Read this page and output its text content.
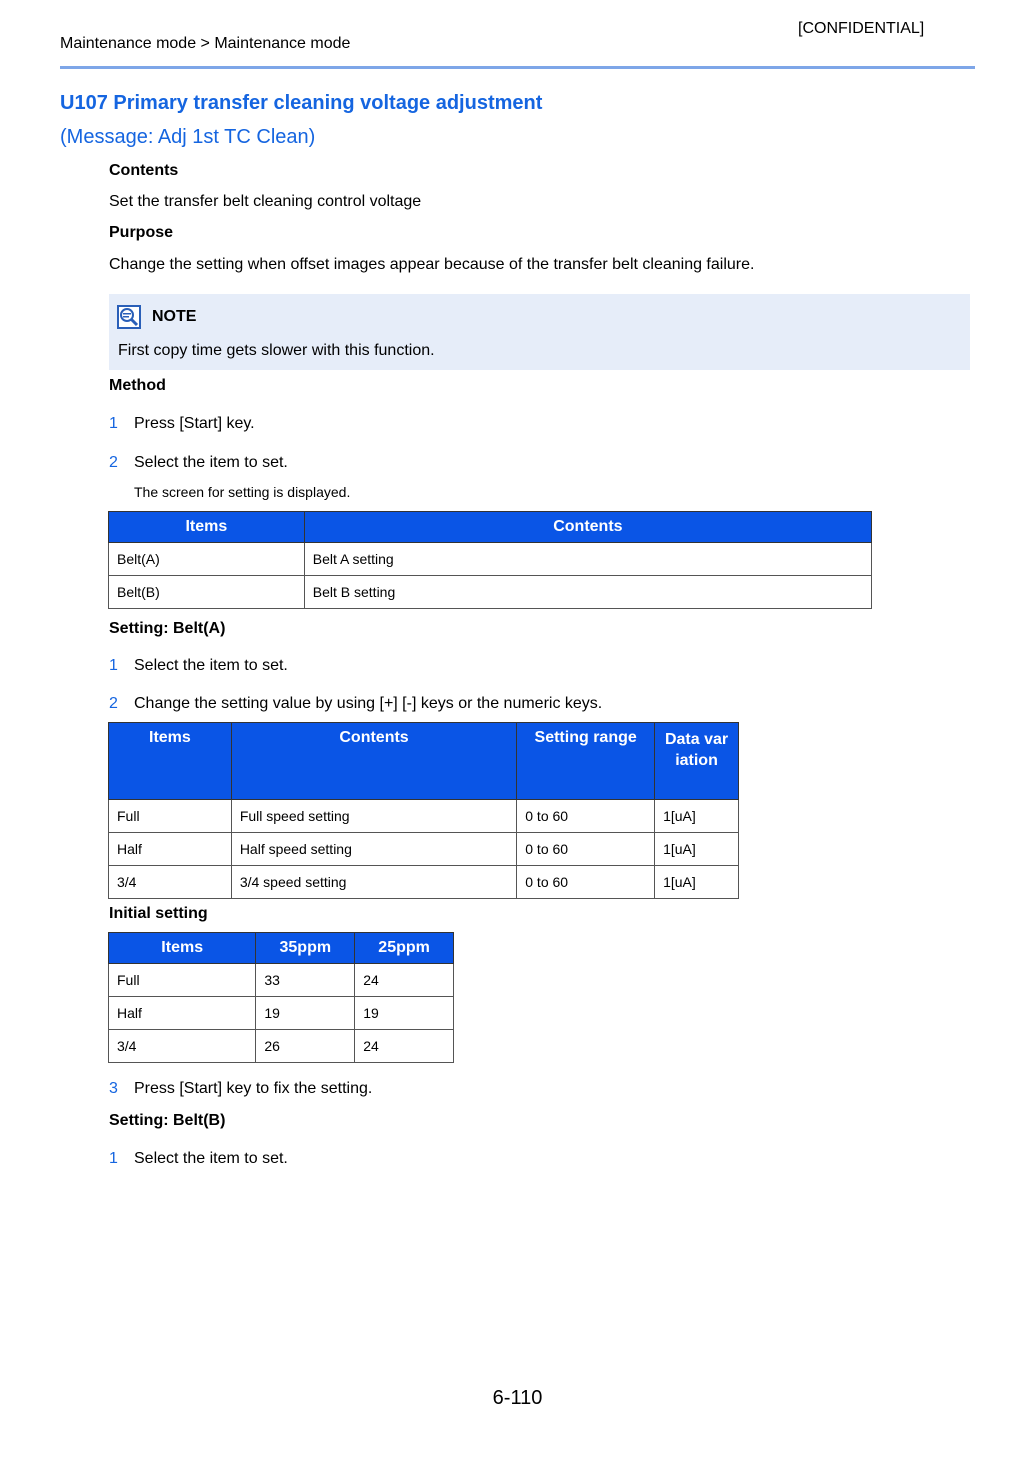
[CONFIDENTIAL]
Maintenance mode > Maintenance mode
U107 Primary transfer cleaning voltage adjustment
(Message: Adj 1st TC Clean)
Contents
Set the transfer belt cleaning control voltage
Purpose
Change the setting when offset images appear because of the transfer belt cleaning failure.
NOTE
First copy time gets slower with this function.
Method
1 Press [Start] key.
2 Select the item to set.
The screen for setting is displayed.
Items	Contents
Belt(A)	Belt A setting
Belt(B)	Belt B setting
Setting: Belt(A)
1 Select the item to set.
2 Change the setting value by using [+] [-] keys or the numeric keys.
Items	Contents	Setting range	Data variation
Full	Full speed setting	0 to 60	1[uA]
Half	Half speed setting	0 to 60	1[uA]
3/4	3/4 speed setting	0 to 60	1[uA]
Initial setting
Items	35ppm	25ppm
Full	33	24
Half	19	19
3/4	26	24
3 Press [Start] key to fix the setting.
Setting: Belt(B)
1 Select the item to set.
6-110
